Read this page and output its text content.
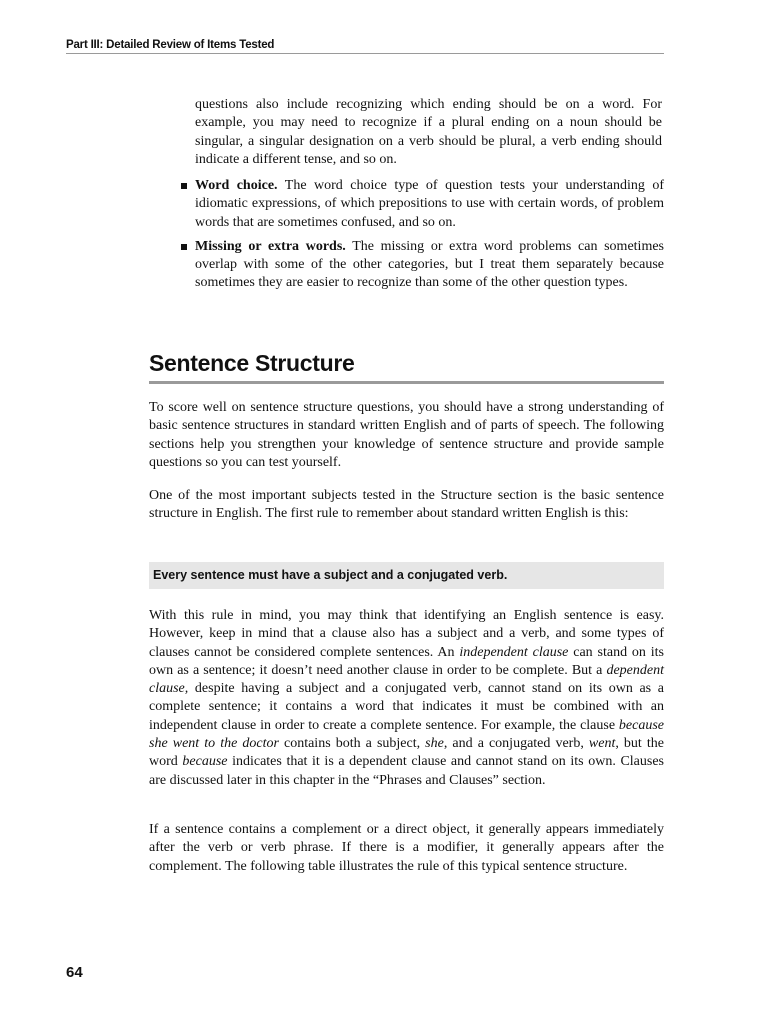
Part III: Detailed Review of Items Tested
questions also include recognizing which ending should be on a word. For example, you may need to recognize if a plural ending on a noun should be singular, a singular designation on a verb should be plural, a verb ending should indicate a different tense, and so on.
Word choice. The word choice type of question tests your understanding of idiomatic expressions, of which prepositions to use with certain words, of problem words that are sometimes confused, and so on.
Missing or extra words. The missing or extra word problems can sometimes overlap with some of the other categories, but I treat them separately because sometimes they are easier to recognize than some of the other question types.
Sentence Structure

To score well on sentence structure questions, you should have a strong understanding of basic sentence structures in standard written English and of parts of speech. The following sections help you strengthen your knowledge of sentence structure and provide sample questions so you can test yourself.

One of the most important subjects tested in the Structure section is the basic sentence structure in English. The first rule to remember about standard written English is this:

Every sentence must have a subject and a conjugated verb.

With this rule in mind, you may think that identifying an English sentence is easy. However, keep in mind that a clause also has a subject and a verb, and some types of clauses cannot be considered complete sentences. An independent clause can stand on its own as a sentence; it doesn’t need another clause in order to be complete. But a dependent clause, despite having a subject and a conjugated verb, cannot stand on its own as a complete sentence; it contains a word that indicates it must be combined with an independent clause in order to create a complete sentence. For example, the clause because she went to the doctor contains both a subject, she, and a conjugated verb, went, but the word because indicates that it is a dependent clause and cannot stand on its own. Clauses are discussed later in this chapter in the “Phrases and Clauses” section.

If a sentence contains a complement or a direct object, it generally appears immediately after the verb or verb phrase. If there is a modifier, it generally appears after the complement. The following table illustrates the rule of this typical sentence structure.

64
